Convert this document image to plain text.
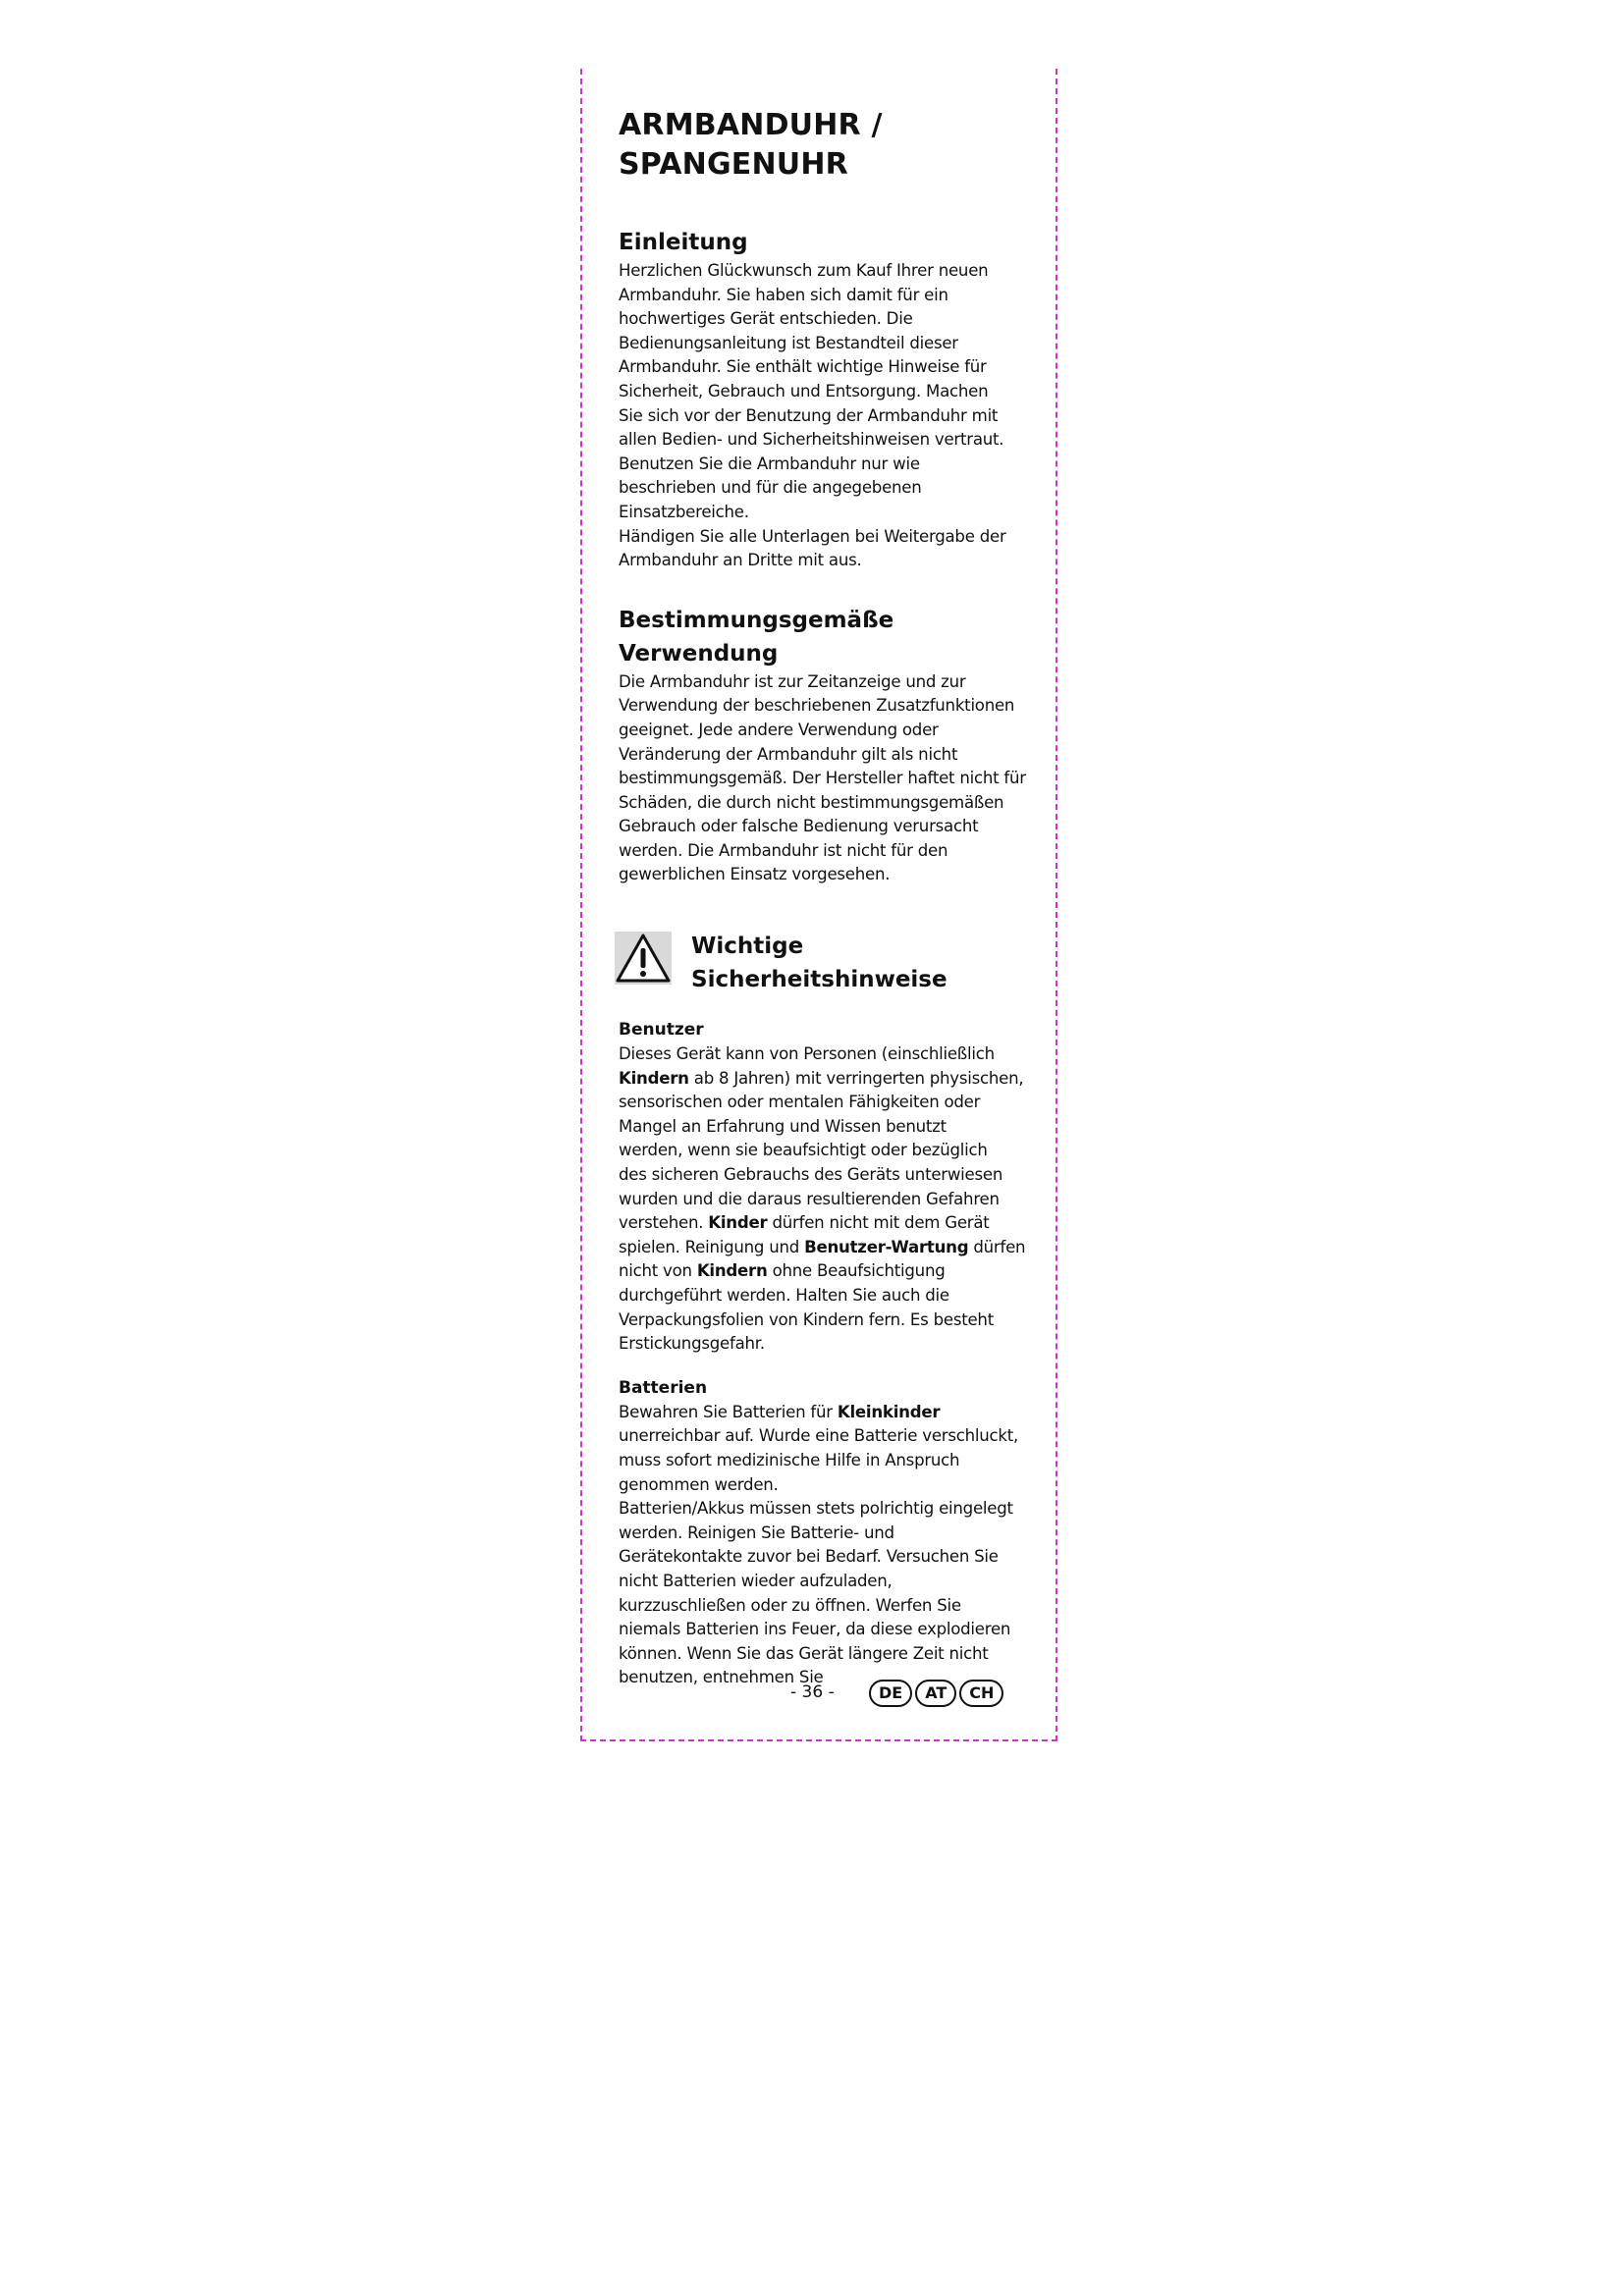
ARMBANDUHR /
SPANGENUHR
Einleitung

Herzlichen Glückwunsch zum Kauf Ihrer neuen

Armbanduhr. Sie haben sich damit für ein

hochwertiges Gerät entschieden. Die

Bedienungsanleitung ist Bestandteil dieser

Armbanduhr. Sie enthält wichtige Hinweise für

Sicherheit, Gebrauch und Entsorgung. Machen

Sie sich vor der Benutzung der Armbanduhr mit

allen Bedien- und Sicherheitshinweisen vertraut.

Benutzen Sie die Armbanduhr nur wie

beschrieben und für die angegebenen

Einsatzbereiche.

Händigen Sie alle Unterlagen bei Weitergabe der

Armbanduhr an Dritte mit aus.

Bestimmungsgemäße
Verwendung

Die Armbanduhr ist zur Zeitanzeige und zur

Verwendung der beschriebenen Zusatzfunktionen

geeignet. Jede andere Verwendung oder

Veränderung der Armbanduhr gilt als nicht

bestimmungsgemäß. Der Hersteller haftet nicht für

Schäden, die durch nicht bestimmungsgemäßen

Gebrauch oder falsche Bedienung verursacht

werden. Die Armbanduhr ist nicht für den

gewerblichen Einsatz vorgesehen.

Wichtige
Sicherheitshinweise
Benutzer

Dieses Gerät kann von Personen (einschließlich

Kindern ab 8 Jahren) mit verringerten physischen,

sensorischen oder mentalen Fähigkeiten oder

Mangel an Erfahrung und Wissen benutzt

werden, wenn sie beaufsichtigt oder bezüglich

des sicheren Gebrauchs des Geräts unterwiesen

wurden und die daraus resultierenden Gefahren

verstehen. Kinder dürfen nicht mit dem Gerät

spielen. Reinigung und Benutzer-Wartung dürfen

nicht von Kindern ohne Beaufsichtigung

durchgeführt werden. Halten Sie auch die

Verpackungsfolien von Kindern fern. Es besteht

Erstickungsgefahr.

Batterien

Bewahren Sie Batterien für Kleinkinder

unerreichbar auf. Wurde eine Batterie verschluckt,

muss sofort medizinische Hilfe in Anspruch

genommen werden.

Batterien/Akkus müssen stets polrichtig eingelegt

werden. Reinigen Sie Batterie- und

Gerätekontakte zuvor bei Bedarf. Versuchen Sie

nicht Batterien wieder aufzuladen,

kurzzuschließen oder zu öffnen. Werfen Sie

niemals Batterien ins Feuer, da diese explodieren

können. Wenn Sie das Gerät längere Zeit nicht

benutzen, entnehmen Sie

- 36 -	DE	AT	CH
